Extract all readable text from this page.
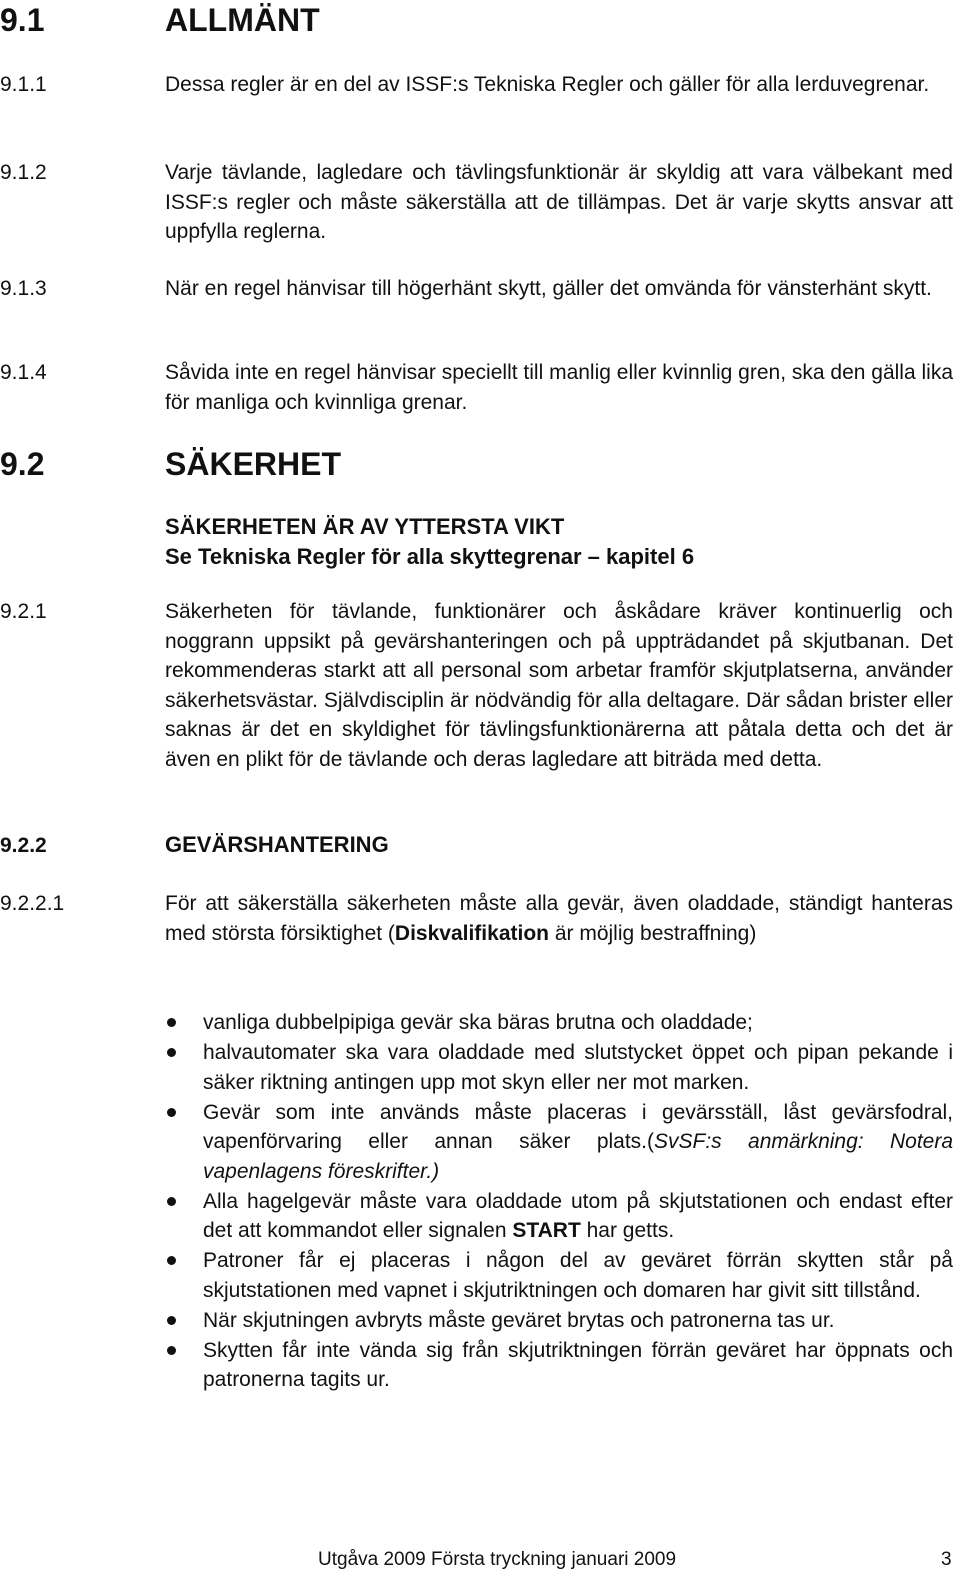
9.1	ALLMÄNT
9.1.1	Dessa regler är en del av ISSF:s Tekniska Regler och gäller för alla lerduvegrenar.
9.1.2	Varje tävlande, lagledare och tävlingsfunktionär är skyldig att vara välbekant med ISSF:s regler och måste säkerställa att de tillämpas. Det är varje skytts ansvar att uppfylla reglerna.
9.1.3	När en regel hänvisar till högerhänt skytt, gäller det omvända för vänsterhänt skytt.
9.1.4	Såvida inte en regel hänvisar speciellt till manlig eller kvinnlig gren, ska den gälla lika för manliga och kvinnliga grenar.
9.2	SÄKERHET
SÄKERHETEN ÄR AV YTTERSTA VIKT
Se Tekniska Regler för alla skyttegrenar – kapitel 6
9.2.1	Säkerheten för tävlande, funktionärer och åskådare kräver kontinuerlig och noggrann uppsikt på gevärshanteringen och på uppträdandet på skjutbanan. Det rekommenderas starkt att all personal som arbetar framför skjutplatserna, använder säkerhetsvästar. Självdisciplin är nödvändig för alla deltagare. Där sådan brister eller saknas är det en skyldighet för tävlingsfunktionärerna att påtala detta och det är även en plikt för de tävlande och deras lagledare att biträda med detta.
9.2.2	GEVÄRSHANTERING
9.2.2.1	För att säkerställa säkerheten måste alla gevär, även oladdade, ständigt hanteras med största försiktighet (Diskvalifikation är möjlig bestraffning)
vanliga dubbelpipiga gevär ska bäras brutna och oladdade;
halvautomater ska vara oladdade med slutstycket öppet och pipan pekande i säker riktning antingen upp mot skyn eller ner mot marken.
Gevär som inte används måste placeras i gevärsställ, låst gevärsfodral, vapenförvaring eller annan säker plats.(SvSF:s anmärkning: Notera vapenlagens föreskrifter.)
Alla hagelgevär måste vara oladdade utom på skjutstationen och endast efter det att kommandot eller signalen START har getts.
Patroner får ej placeras i någon del av geväret förrän skytten står på skjutstationen med vapnet i skjutriktningen och domaren har givit sitt tillstånd.
När skjutningen avbryts måste geväret brytas och patronerna tas ur.
Skytten får inte vända sig från skjutriktningen förrän geväret har öppnats och patronerna tagits ur.
Utgåva 2009 Första tryckning januari 2009	3
